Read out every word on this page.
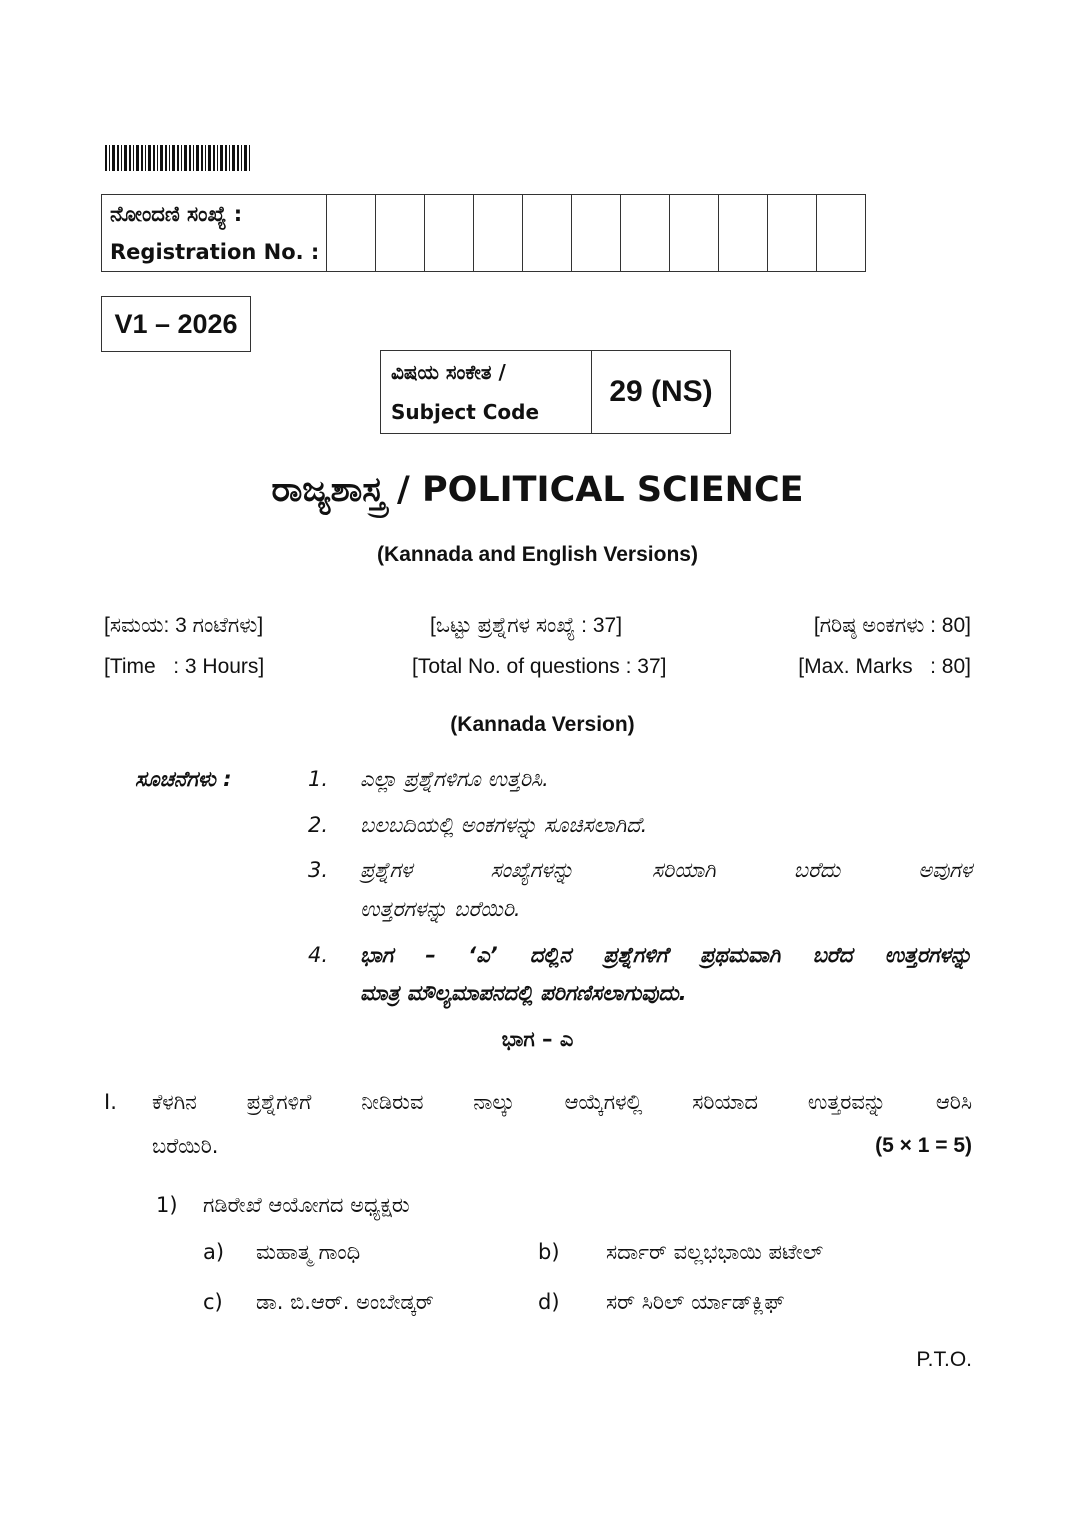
ನೋಂದಣಿ ಸಂಖ್ಯೆ :
Registration No. :

V1 – 2026
ವಿಷಯ ಸಂಕೇತ /
Subject Code
	29 (NS)
ರಾಜ್ಯಶಾಸ್ತ್ರ / POLITICAL SCIENCE
(Kannada and English Versions)
[ಸಮಯ: 3 ಗಂಟೆಗಳು]	[ಒಟ್ಟು ಪ್ರಶ್ನೆಗಳ ಸಂಖ್ಯೆ : 37]	[ಗರಿಷ್ಠ ಅಂಕಗಳು : 80]
[Time   : 3 Hours]	[Total No. of questions : 37]	[Max. Marks   : 80]
(Kannada Version)
ಸೂಚನೆಗಳು :	1. ಎಲ್ಲಾ ಪ್ರಶ್ನೆಗಳಿಗೂ ಉತ್ತರಿಸಿ.
2. ಬಲಬದಿಯಲ್ಲಿ ಅಂಕಗಳನ್ನು ಸೂಚಿಸಲಾಗಿದೆ.
3. ಪ್ರಶ್ನೆಗಳ ಸಂಖ್ಯೆಗಳನ್ನು ಸರಿಯಾಗಿ ಬರೆದು ಅವುಗಳ
ಉತ್ತರಗಳನ್ನು ಬರೆಯಿರಿ.
4. ಭಾಗ – ‘ಎ’ ದಲ್ಲಿನ ಪ್ರಶ್ನೆಗಳಿಗೆ ಪ್ರಥಮವಾಗಿ ಬರೆದ ಉತ್ತರಗಳನ್ನು
ಮಾತ್ರ ಮೌಲ್ಯಮಾಪನದಲ್ಲಿ ಪರಿಗಣಿಸಲಾಗುವುದು.
ಭಾಗ – ಎ
I. ಕೆಳಗಿನ ಪ್ರಶ್ನೆಗಳಿಗೆ ನೀಡಿರುವ ನಾಲ್ಕು ಆಯ್ಕೆಗಳಲ್ಲಿ ಸರಿಯಾದ ಉತ್ತರವನ್ನು ಆರಿಸಿ
ಬರೆಯಿರಿ.	(5 × 1 = 5)
1) ಗಡಿರೇಖೆ ಆಯೋಗದ ಅಧ್ಯಕ್ಷರು
a) ಮಹಾತ್ಮ ಗಾಂಧಿ	b) ಸರ್ದಾರ್ ವಲ್ಲಭಭಾಯಿ ಪಟೇಲ್
c) ಡಾ. ಬಿ.ಆರ್. ಅಂಬೇಡ್ಕರ್	d) ಸರ್ ಸಿರಿಲ್ ರ್ಯಾಡ್‌ಕ್ಲಿಫ್
P.T.O.
